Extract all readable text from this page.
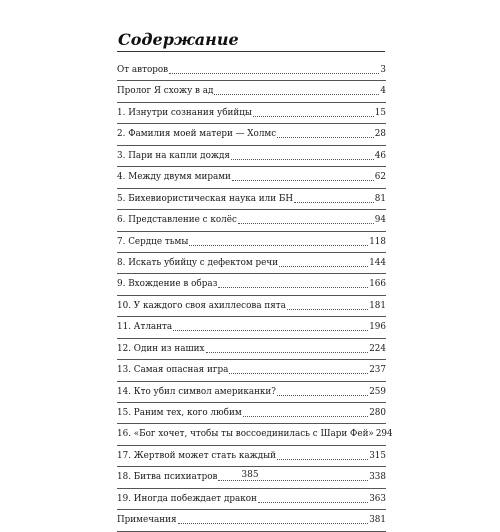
Содержание
От авторов	3
Пролог Я схожу в ад	4
1. Изнутри сознания убийцы	15
2. Фамилия моей матери — Холмс	28
3. Пари на капли дождя	46
4. Между двумя мирами	62
5. Бихевиористическая наука или БН	81
6. Представление с колёс	94
7. Сердце тьмы	118
8. Искать убийцу с дефектом речи	144
9. Вхождение в образ	166
10. У каждого своя ахиллесова пята	181
11. Атланта	196
12. Один из наших	224
13. Самая опасная игра	237
14. Кто убил символ американки?	259
15. Раним тех, кого любим	280
16. «Бог хочет, чтобы ты воссоединилась с Шари Фей» 294
17. Жертвой может стать каждый	315
18. Битва психиатров	338
19. Иногда побеждает дракон	363
Примечания	381
385
